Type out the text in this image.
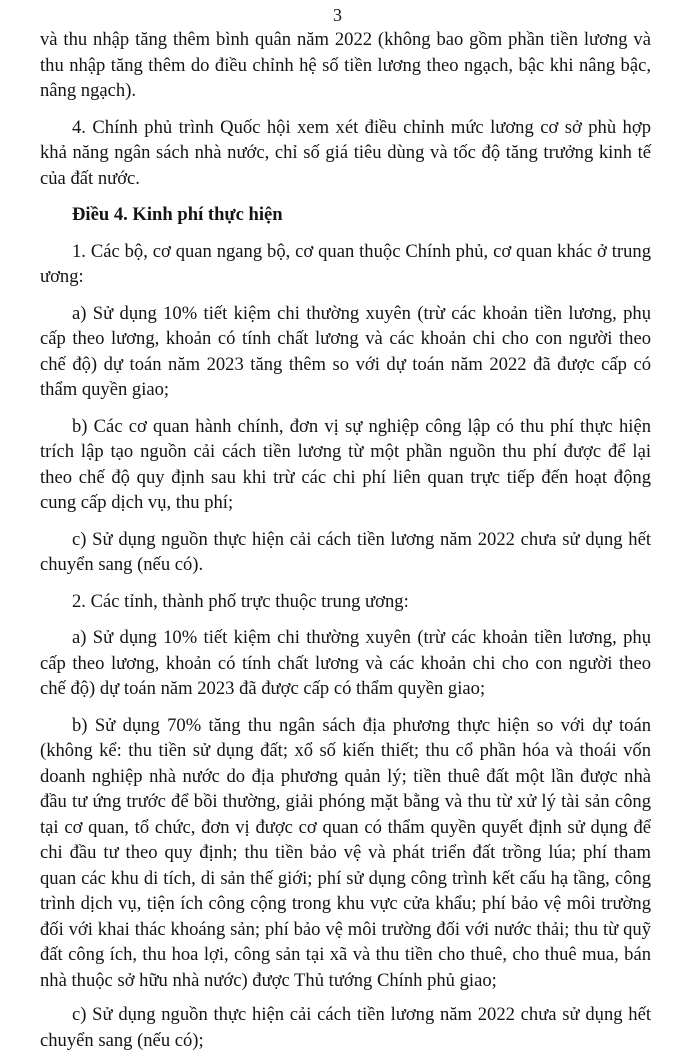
3

và thu nhập tăng thêm bình quân năm 2022 (không bao gồm phần tiền lương và thu nhập tăng thêm do điều chỉnh hệ số tiền lương theo ngạch, bậc khi nâng bậc, nâng ngạch).

4. Chính phủ trình Quốc hội xem xét điều chỉnh mức lương cơ sở phù hợp khả năng ngân sách nhà nước, chỉ số giá tiêu dùng và tốc độ tăng trưởng kinh tế của đất nước.

Điều 4. Kinh phí thực hiện

1. Các bộ, cơ quan ngang bộ, cơ quan thuộc Chính phủ, cơ quan khác ở trung ương:

a) Sử dụng 10% tiết kiệm chi thường xuyên (trừ các khoản tiền lương, phụ cấp theo lương, khoản có tính chất lương và các khoản chi cho con người theo chế độ) dự toán năm 2023 tăng thêm so với dự toán năm 2022 đã được cấp có thẩm quyền giao;

b) Các cơ quan hành chính, đơn vị sự nghiệp công lập có thu phí thực hiện trích lập tạo nguồn cải cách tiền lương từ một phần nguồn thu phí được để lại theo chế độ quy định sau khi trừ các chi phí liên quan trực tiếp đến hoạt động cung cấp dịch vụ, thu phí;

c) Sử dụng nguồn thực hiện cải cách tiền lương năm 2022 chưa sử dụng hết chuyển sang (nếu có).

2. Các tỉnh, thành phố trực thuộc trung ương:

a) Sử dụng 10% tiết kiệm chi thường xuyên (trừ các khoản tiền lương, phụ cấp theo lương, khoản có tính chất lương và các khoản chi cho con người theo chế độ) dự toán năm 2023 đã được cấp có thẩm quyền giao;

b) Sử dụng 70% tăng thu ngân sách địa phương thực hiện so với dự toán (không kể: thu tiền sử dụng đất; xổ số kiến thiết; thu cổ phần hóa và thoái vốn doanh nghiệp nhà nước do địa phương quản lý; tiền thuê đất một lần được nhà đầu tư ứng trước để bồi thường, giải phóng mặt bằng và thu từ xử lý tài sản công tại cơ quan, tổ chức, đơn vị được cơ quan có thẩm quyền quyết định sử dụng để chi đầu tư theo quy định; thu tiền bảo vệ và phát triển đất trồng lúa; phí tham quan các khu di tích, di sản thế giới; phí sử dụng công trình kết cấu hạ tầng, công trình dịch vụ, tiện ích công cộng trong khu vực cửa khẩu; phí bảo vệ môi trường đối với khai thác khoáng sản; phí bảo vệ môi trường đối với nước thải; thu từ quỹ đất công ích, thu hoa lợi, công sản tại xã và thu tiền cho thuê, cho thuê mua, bán nhà thuộc sở hữu nhà nước) được Thủ tướng Chính phủ giao;

c) Sử dụng nguồn thực hiện cải cách tiền lương năm 2022 chưa sử dụng hết chuyển sang (nếu có);
